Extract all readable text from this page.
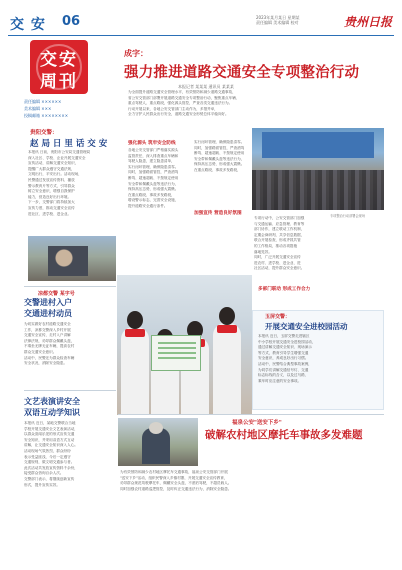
交 安 06	2023年某月某日 星期某
责任编辑 美术编辑 校对	贵州日报
交安
周刊
责任编辑 ××××××
美术编辑 ×××
投稿邮箱 ××××××××
成字：
强力推进道路交通安全专项整治行动
本报记者 某某某 通讯员 某某某
为全面提升道路交通安全管理水平，有效预防和减少道路交通事故，
省公安交管部门部署开展道路交通安全专项整治行动，聚焦重点车辆、
重点驾驶人、重点路段，强化源头管控，严查各类交通违法行为。
行动开展以来，各地公安交管部门主动作为，多措并举，
全力守护人民群众出行安全，道路交通安全形势总体平稳向好。
专项整治行动部署会现场
贵阳交警：
赵 局 日 里 话 交 安
本报讯 日前，贵阳市公安局交通管理局
深入社区、学校、企业开展交通安全
宣传活动，讲解交通安全知识，
提醒广大群众遵守交通法规，
文明出行，平安出行。活动现场，
民警通过发放宣传资料、播放
警示教育片等方式，引导群众
树立安全意识，增强自我保护
能力，营造良好出行环境。
下一步，交警部门将持续加大
宣传力度，推动交通安全宣传
进社区、进学校、进企业。
凉都交警 某字号
交警进村入户
交通进村动员
为切实做好农村道路交通安全
工作，凉都交警深入乡村开展
交通安全宣传，走村入户讲解
法律法规，劝导群众佩戴头盔，
不乘坐无牌无证车辆，提高农村
群众交通安全意识。
活动中，民警还为群众检查车辆
安全状况，消除安全隐患。
文艺表演讲安全
双语互动学知识
本报讯 近日，某地交警联合当地
学校开展交通安全文艺表演活动，
以群众喜闻乐见的形式宣传交通
安全知识，并采用双语方式互动
讲解，让交通安全知识深入人心。
活动现场气氛热烈，群众纷纷
表示受益匪浅，今后一定遵守
交通规则，做文明交通参与者。
此次活动共发放宣传资料千余份，
接受群众咨询百余人次。
交警部门表示，将继续创新宣传
形式，提升宣传实效。
强化源头 筑牢安全防线
各地公安交管部门严格落实源头
监管责任，深入排查重点车辆和
驾驶人隐患，建立隐患清单，
实行闭环管理，确保隐患清零。
同时，加强路面管控，严查酒驾
醉驾、超速超载、不按规定使用
安全带和佩戴头盔等违法行为，
保持高压态势，形成强大震慑。
在重点路段、事故多发路段，
增设警示标志，完善安全设施，
提升道路安全通行条件。
加强宣传 营造良好氛围
实行闭环管理，确保隐患清零。
同时，加强路面管控，严查酒驾
醉驾、超速超载、不按规定使用
安全带和佩戴头盔等违法行为，
保持高压态势，形成强大震慑。
在重点路段、事故多发路段，
多部门联动 形成工作合力
专项行动中，公安交管部门加强
与交通运输、应急管理、教育等
部门协作，建立联动工作机制，
定期会商研判，共享信息数据，
联合开展检查，形成齐抓共管
的工作格局，推动各项措施
落地见效。
同时，广泛开展交通安全宣传
进农村、进学校、进企业、进
社区活动，提升群众安全意识。
玉屏交警：
开展交通安全进校园活动
本报讯 近日，玉屏交警走进辖区
中小学校开展交通安全进校园活动，
通过讲解交通安全知识、现场演示
等方式，教育引导学生增强交通
安全意识，养成良好出行习惯。
活动中，民警结合典型事故案例，
为同学们讲解交通信号灯、交通
标志标线的含义，以及过马路、
乘车时应注意的安全事项。
福泉公安"送安下乡"
破解农村地区摩托车事故多发难题
为有效预防和减少农村地区摩托车交通事故，福泉公安交管部门开展
"送安下乡"活动，组织民警深入乡镇村寨，开展交通安全宣传教育，
劝导群众规范驾驶摩托车，佩戴安全头盔，不酒后驾驶，不超员载人。
同时加强农村道路巡逻管控，及时纠正交通违法行为，消除安全隐患。
